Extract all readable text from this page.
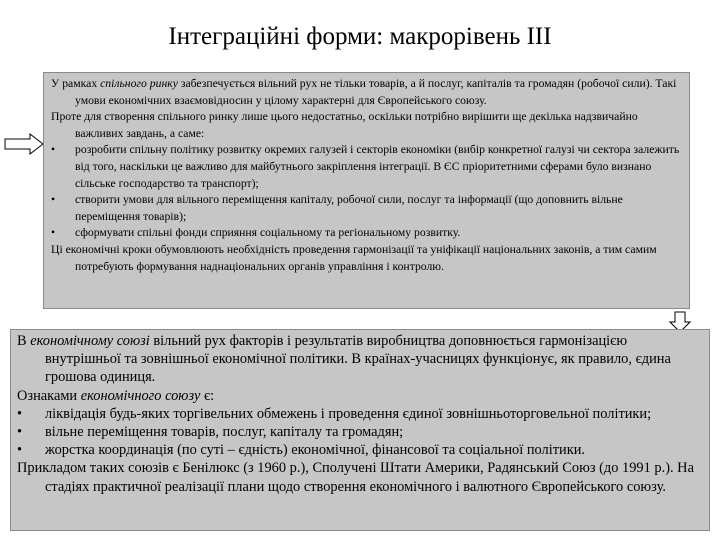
Інтеграційні форми: макрорівень ІІІ

У рамках спільного ринку забезпечується вільний рух не тільки товарів, а й послуг, капіталів та громадян (робочої сили). Такі умови економічних взаємовідносин у цілому характерні для Європейського союзу.

Проте для створення спільного ринку лише цього недостатньо, оскільки потрібно вирішити ще декілька надзвичайно важливих завдань, а саме:

• розробити спільну політику розвитку окремих галузей і секторів економіки (вибір конкретної галузі чи сектора залежить від того, наскільки це важливо для майбутнього закріплення інтеграції. В ЄС пріоритетними сферами було визнано сільське господарство та транспорт);

• створити умови для вільного переміщення капіталу, робочої сили, послуг та інформації (що доповнить вільне переміщення товарів);

• сформувати спільні фонди сприяння соціальному та регіональному розвитку.

Ці економічні кроки обумовлюють необхідність проведення гармонізації та уніфікації національних законів, а тим самим потребують формування наднаціональних органів управління і контролю.

В економічному союзі вільний рух факторів і результатів виробництва доповнюється гармонізацією внутрішньої та зовнішньої економічної політики. В країнах-учасницях функціонує, як правило, єдина грошова одиниця.

Ознаками економічного союзу є:

• ліквідація будь-яких торгівельних обмежень і проведення єдиної зовнішньоторговельної політики;

• вільне переміщення товарів, послуг, капіталу та громадян;

• жорстка координація (по суті – єдність) економічної, фінансової та соціальної політики.

Прикладом таких союзів є Бенілюкс (з 1960 р.), Сполучені Штати Америки, Радянський Союз (до 1991 р.). На стадіях практичної реалізації плани щодо створення економічного і валютного Європейського союзу.
